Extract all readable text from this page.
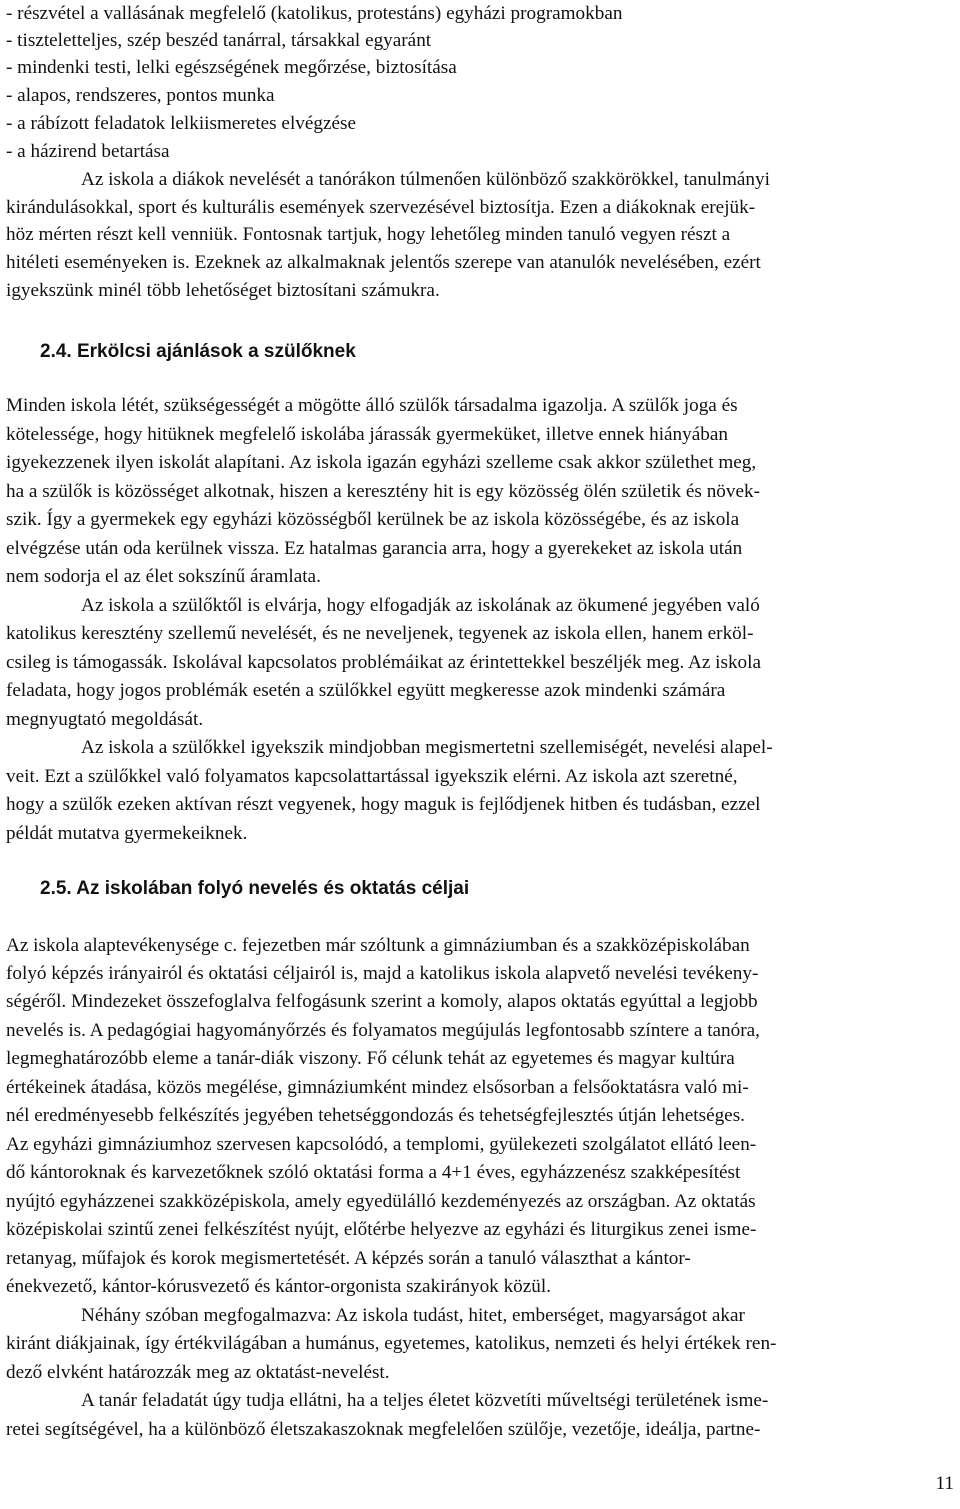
- részvétel a vallásának megfelelő (katolikus, protestáns) egyházi programokban
- tiszteletteljes, szép beszéd tanárral, társakkal egyaránt
- mindenki testi, lelki egészségének megőrzése, biztosítása
- alapos, rendszeres, pontos munka
- a rábízott feladatok lelkiismeretes elvégzése
- a házirend betartása
Az iskola a diákok nevelését a tanórákon túlmenően különböző szakkörökkel, tanulmányi
kirándulásokkal, sport és kulturális események szervezésével biztosítja. Ezen a diákoknak erejük-
höz mérten részt kell venniük. Fontosnak tartjuk, hogy lehetőleg minden tanuló vegyen részt a
hitéleti eseményeken is. Ezeknek az alkalmaknak jelentős szerepe van atanulók nevelésében, ezért
igyekszünk minél több lehetőséget biztosítani számukra.
2.4. Erkölcsi ajánlások a szülőknek
Minden iskola létét, szükségességét a mögötte álló szülők társadalma igazolja. A szülők joga és
kötelessége, hogy hitüknek megfelelő iskolába járassák gyermeküket, illetve ennek hiányában
igyekezzenek ilyen iskolát alapítani. Az iskola igazán egyházi szelleme csak akkor születhet meg,
ha a szülők is közösséget alkotnak, hiszen a keresztény hit is egy közösség ölén születik és növek-
szik. Így a gyermekek egy egyházi közösségből kerülnek be az iskola közösségébe, és az iskola
elvégzése után oda kerülnek vissza. Ez hatalmas garancia arra, hogy a gyerekeket az iskola után
nem sodorja el az élet sokszínű áramlata.
Az iskola a szülőktől is elvárja, hogy elfogadják az iskolának az ökumené jegyében való
katolikus keresztény szellemű nevelését, és ne neveljenek, tegyenek az iskola ellen, hanem erköl-
csileg is támogassák. Iskolával kapcsolatos problémáikat az érintettekkel beszéljék meg. Az iskola
feladata, hogy jogos problémák esetén a szülőkkel együtt megkeresse azok mindenki számára
megnyugtató megoldását.
Az iskola a szülőkkel igyekszik mindjobban megismertetni szellemiségét, nevelési alapel-
veit. Ezt a szülőkkel való folyamatos kapcsolattartással igyekszik elérni. Az iskola azt szeretné,
hogy a szülők ezeken aktívan részt vegyenek, hogy maguk is fejlődjenek hitben és tudásban, ezzel
példát mutatva gyermekeiknek.
2.5. Az iskolában folyó nevelés és oktatás céljai
Az iskola alaptevékenysége c. fejezetben már szóltunk a gimnáziumban és a szakközépiskolában
folyó képzés irányairól és oktatási céljairól is, majd a katolikus iskola alapvető nevelési tevékeny-
ségéről. Mindezeket összefoglalva felfogásunk szerint a komoly, alapos oktatás egyúttal a legjobb
nevelés is. A pedagógiai hagyományőrzés és folyamatos megújulás legfontosabb színtere a tanóra,
legmeghatározóbb eleme a tanár-diák viszony. Fő célunk tehát az egyetemes és magyar kultúra
értékeinek átadása, közös megélése, gimnáziumként mindez elsősorban a felsőoktatásra való mi-
nél eredményesebb felkészítés jegyében tehetséggondozás és tehetségfejlesztés útján lehetséges.
Az egyházi gimnáziumhoz szervesen kapcsolódó, a templomi, gyülekezeti szolgálatot ellátó leen-
dő kántoroknak és karvezetőknek szóló oktatási forma a 4+1 éves, egyházzenész szakképesítést
nyújtó egyházzenei szakközépiskola, amely egyedülálló kezdeményezés az országban. Az oktatás
középiskolai szintű zenei felkészítést nyújt, előtérbe helyezve az egyházi és liturgikus zenei isme-
retanyag, műfajok és korok megismertetését. A képzés során a tanuló választhat a kántor-
énekvezető, kántor-kórusvezető és kántor-orgonista szakirányok közül.
Néhány szóban megfogalmazva: Az iskola tudást, hitet, emberséget, magyarságot akar
kiránt diákjainak, így értékvilágában a humánus, egyetemes, katolikus, nemzeti és helyi értékek ren-
dező elvként határozzák meg az oktatást-nevelést.
A tanár feladatát úgy tudja ellátni, ha a teljes életet közvetíti műveltségi területének isme-
retei segítségével, ha a különböző életszakaszoknak megfelelően szülője, vezetője, ideálja, partne-
11
